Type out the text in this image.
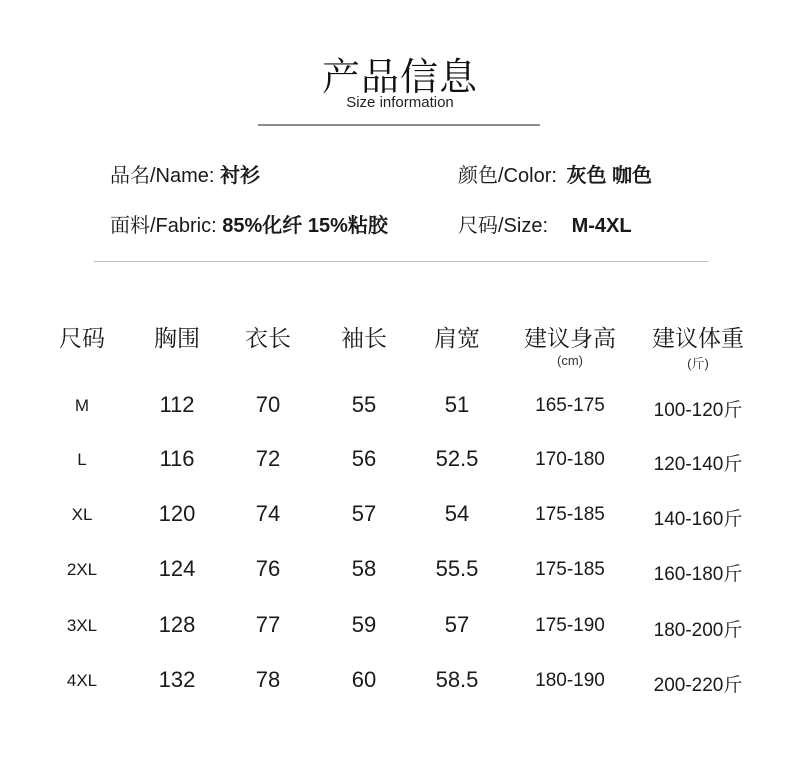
产品信息
Size information
品名/Name: 衬衫	颜色/Color: 灰色 咖色
面料/Fabric: 85%化纤 15%粘胶	尺码/Size: M-4XL
尺码 胸围 衣长 袖长 肩宽 建议身高 建议体重
(cm)	(斤)
M	112	70	55	51	165-175	100-120斤
L	116	72	56	52.5	170-180	120-140斤
XL	120	74	57	54	175-185	140-160斤
2XL	124	76	58	55.5	175-185	160-180斤
3XL	128	77	59	57	175-190	180-200斤
4XL	132	78	60	58.5	180-190	200-220斤
